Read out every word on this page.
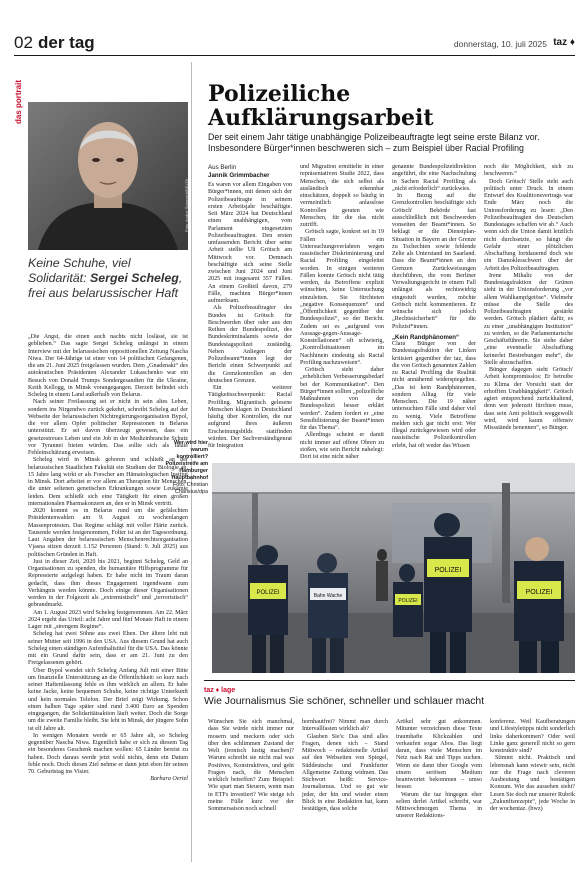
02 der tag	donnerstag, 10. juli 2025 taz ♦
das portrait
Foto: Andrei Stasevich/BELTA
Keine Schuhe, viel Solidarität: Sergei Scheleg, frei aus belarussischer Haft

„Die Angst, die einen auch nachts nicht loslässt, sie ist geblieben.“ Das sagte Sergei Scheleg unlängst in einem Interview mit der belarussischen oppositionellen Zeitung Nascha Niwa. Der 64-Jährige ist einer von 14 politischen Gefangenen, die am 21. Juni 2025 freigelassen wurden. Dem „Gnadenakt“ des autokratischen Präsidenten Alexander Lukaschenko war ein Besuch von Donald Trumps Sondergesandten für die Ukraine, Keith Kellogg, in Minsk vorangegangen. Derzeit befindet sich Scheleg in einem Land außerhalb von Belarus.

Nach seiner Freilassung sei er nicht in sein altes Leben, sondern ins Nirgendwo zurück gekehrt, schreibt Scheleg auf der Webseite der belarussischen Nichtregierungsorganisation Bypol, die vor allem Opfer politischer Repressionen in Belarus unterstützt. Er sei davon überzeugt gewesen, dass ein gesetzestreues Leben und ein Job in der Medizinbranche Schutz vor Tyrannei bieten würden. Das sollte sich als fatale Fehleinschätzung erweisen.

Scheleg wird in Minsk geboren und schließt an der belarussischen Staatlichen Fakultät ein Studium der Biologie ab. 15 Jahre lang wirkt er als Forscher am Hämatologischen Institut in Minsk. Dort arbeitet er vor allem an Therapien für Menschen, die unter seltenen genetischen Erkrankungen sowie Leukämie leiden. Dem schließt sich eine Tätigkeit für einen großen internationalen Pharmakonzern an, den er in Minsk vertritt.

2020 kommt es in Belarus rund um die gefälschten Präsidentenwahlen am 9. August zu wochenlangen Massenprotesten. Das Regime schlägt mit voller Härte zurück. Tausende werden festgenommen, Folter ist an der Tagesordnung. Laut Angaben der belarussischen Menschenrechtsorganisation Vjasna sitzen derzeit 1.152 Personen (Stand: 9. Juli 2025) aus politischen Gründen in Haft.

Just in dieser Zeit, 2020 bis 2021, beginnt Scheleg, Geld an Organisationen zu spenden, die humanitäre Hilfsprogramme für Repressierte aufgelegt haben. Er habe nicht im Traum daran gedacht, dass ihm dieses Engagement irgendwann zum Verhängnis werden könnte. Doch einige dieser Organisationen werden in der Folgezeit als „extremistisch“ und „terroristisch“ gebrandmarkt.

Am 1. August 2023 wird Scheleg festgenommen. Am 22. März 2024 ergeht das Urteil: acht Jahre und fünf Monate Haft in einem Lager mit „strengem Regime“.

Scheleg hat zwei Söhne aus zwei Ehen. Der ältere lebt mit seiner Mutter seit 1996 in den USA. Aus diesem Grund hat auch Scheleg einen ständigen Aufenthaltstitel für die USA. Das könnte mit ein Grund dafür sein, dass er am 21. Juni zu den Freigelassenen gehört.

Über Bypol wendet sich Scheleg Anfang Juli mit einer Bitte um finanzielle Unterstützung an die Öffentlichkeit: so kurz nach seiner Haftentlassung fehle es ihm wirklich an allem. Er habe keine Jacke, keine bequemen Schuhe, keine richtige Unterkunft und kein normales Telefon. Der Brief zeigt Wirkung. Schon einen halben Tage später sind rund 3.400 Euro an Spenden eingegangen, die Solidaritätsaktion läuft weiter. Doch die Sorge um die zweite Familie bleibt. Sie lebt in Minsk, der jüngere Sohn ist elf Jahre alt.

In wenigen Monaten werde er 65 Jahre alt, so Scheleg gegenüber Nascha Niwa. Eigentlich habe er sich zu diesem Tag ein besonderes Geschenk machen wollen: 65 Länder bereist zu haben. Doch daraus werde jetzt wohl nichts, denn ein Datum fehle noch. Doch diesen Ziel nehme er dann jetzt eben für seinen 70. Geburtstag ins Visier.

Barbara Oertel
Polizeiliche Aufklärungsarbeit
Der seit einem Jahr tätige unabhängige Polizeibeauftragte legt seine erste Bilanz vor. Insbesondere Bürger*innen beschweren sich – zum Beispiel über Racial Profiling
Aus Berlin
Jannik Grimmbacher

Es waren vor allem Eingaben von Bürger*innen, mit denen sich der Polizeibeauftragte in seinem ersten Arbeitsjahr beschäftigte. Seit März 2024 hat Deutschland einen unabhängigen, vom Parlament eingesetzten Polizeibeauftragten. Den ersten umfassenden Bericht über seine Arbeit stellte Uli Grötsch am Mittwoch vor. Demnach beschäftigte sich seine Stelle zwischen Juni 2024 und Juni 2025 mit insgesamt 357 Fällen. An einem Großteil davon, 279 Fälle, machten Bürger*innen aufmerksam.

Als Polizeibeauftragter des Bundes ist Grötsch für Beschwerden über oder aus den Reihen der Bundespolizei, des Bundeskriminalamts sowie der Bundestagspolizei zuständig. Neben Anliegen der Polizeibeamt*innen legt der Bericht einen Schwerpunkt auf die Grenzkontrollen an den deutschen Grenzen.

Ein weiterer Tätigkeitsschwerpunkt: Racial Profiling. Migrantisch gelesene Menschen klagen in Deutschland häufig über Kontrollen, die nur aufgrund ihres äußeren Erscheinungsbilds stattfinden würden. Der Sachverständigenrat für Integration

und Migration ermittelte in einer repräsentativen Studie 2022, dass Menschen, die sich selbst als ausländisch erkennbar einschätzen, doppelt so häufig in vermeintlich anlasslose Kontrollen geraten wie Menschen, für die das nicht zutrifft.

Grötsch sagte, konkret sei in 19 Fällen ein Untersuchungsverfahren wegen rassistischer Diskriminierung und Racial Profiling eingeleitet worden. In einigen weiteren Fällen konnte Grötsch nicht tätig werden, da Betroffene explizit wünschten, keine Untersuchung einzuleiten. Sie fürchteten „negative Konsequenzen“ und „Öffentlichkeit gegenüber der Bundespolizei“, so der Bericht. Zudem sei es „aufgrund von Aussage-gegen-Aussage-Konstellationen“ oft schwierig, „Kontrollsituationen im Nachhinein eindeutig als Racial Profiling nachzuweisen“.

Grötsch sieht daher „erheblichen Verbesserungsbedarf bei der Kommunikation“. Den Bürger*innen sollten „polizeiliche Maßnahmen von der Bundespolizei besser erklärt werden“. Zudem fordert er „eine Sensibilisierung der Beamt*innen für das Thema“.

Allerdings scheint er damit nicht immer auf offene Ohren zu stoßen, wie sein Bericht nahelegt: Dort ist eine nicht näher

genannte Bundespolizeidirektion angeführt, die eine Nachschulung in Sachen Racial Profiling als „nicht erforderlich“ zurückwies.

In Bezug auf die Grenzkontrollen beschäftigte sich Grötsch' Behörde fast ausschließlich mit Beschwerden vonseiten der Beamt*innen. So beklagt er die Dienstplan-Situation in Bayern an der Grenze zu Tschechien sowie fehlende Zelte als Unterstand im Saarland. Dass die Beamt*innen an den Grenzen Zurückweisungen durchführen, die vom Berliner Verwaltungsgericht in einem Fall unlängst als rechtswidrig eingestuft wurden, möchte Grötsch nicht kommentieren. Er wünsche sich jedoch „Rechtssicherheit“ für die Polizist*innen.

„Kein Randphänomen“

Clara Bünger von der Bundestagsfraktion der Linken kritisiert gegenüber der taz, dass die von Grötsch genannten Zahlen zu Racial Profiling die Realität nicht annähernd widerspiegelten. „Das ist kein Randphänomen, sondern Alltag für viele Menschen. Die 19 näher untersuchten Fälle sind daher viel zu wenig. Viele Betroffene melden sich gar nicht erst: Wer illegal zurückgewiesen wird oder rassistische Polizeikontrollen erlebt, hat oft weder das Wissen

noch die Möglichkeit, sich zu beschweren.“

Doch Grötsch' Stelle steht auch politisch unter Druck. In einem Entwurf des Koalitionsvertrags war Ende März noch die Unionsforderung zu lesen: „Den Polizeibeauftragten des Deutschen Bundestages schaffen wir ab.“ Auch wenn sich die Union damit letztlich nicht durchsetzte, so hängt die Gefahr einer plötzlichen Abschaffung fortdauernd doch wie ein Damoklesschwert über der Arbeit des Polizeibeauftragten.

Irene Mihalic von der Bundestagsfraktion der Grünen sieht in der Unionsforderung „vor allem Wahlkampfgetöse“. Vielmehr müsse die Stelle des Polizeibeauftragten gestärkt werden. Grötsch plädiert dafür, es zu einer „unabhängigen Institution“ zu werden, so die Parlamentarische Geschäftsführerin. Sie siehe daher „eine eventuelle Abschaffung keinerlei Bestrebungen mehr“, die Stelle abzuschaffen.

Bünger dagegen sieht Grötsch' Arbeit kompromisslos: Er betreibe zu Klima der Vorsicht statt der erhofften Unabhängigkeit“. Grötsch agiert entsprechend zurückhaltend, denn wer jederzeit fürchten muss, dass sein Amt politisch weggewollt wird, wird kaum offensiv Missstände benennen“, so Bünger.

Wer wird hier warum kontrolliert? Polizeistreife am Hamburger Hauptbahnhof
Foto: Christian Charisius/dpa
POLIZEI	Bahn Wache
POLIZEI
POLIZEI
POLIZEI
taz ♦ lage
Wie Journalismus Sie schöner, schneller und schlauer macht

Wünschen Sie sich manchmal, dass Sie würde nicht immer nur mosern und meckern oder sich über den schlimmen Zustand der Welt (ironisch lustig machen)? Warum schreibt sie nicht mal was Positives, Konstruktives, und geht Fragen nach, die Menschen wirklich betreffen? Zum Beispiel: Wie spart man Steuern, wenn man in ETFs investiert? Wie steige ich meine Fülle kurz vor der Sommersaison noch schnell

hornhautfrei? Nimmt man durch Intervallfasten wirklich ab?

Glauben Sie's: Das sind alles Fragen, denen sich – Stand Mittwoch – redaktionelle Artikel auf den Webseiten von Spiegel, Süddeutsche und Frankfurter Allgemeine Zeitung widmen. Das Stichwort heißt: Service-Journalismus. Und so gut wie jeder, der hin und wieder einen Blick in eine Redaktion hat, kann bestätigen, dass solche

Artikel sehr gut ankommen. Mitunter verzeichnen diese Texte traumhafte Klickzahlen und verkaufen sogar Abos. Das liegt daran, dass viele Menschen im Netz nach Rat und Tipps suchen. Wenn sie dann über Google vom einem seriösen Medium beantwortet bekommen – umso besser.

Warum die taz hingegen eher selten derlei Artikel schreibt, war Mittwochmorgen Thema in unserer Redaktions-

konferenz. Weil Kaufberatungen und Lifestyletipps nicht sonderlich links daherkommen? Oder weil Linke ganz generell nicht so gern konstruktiv sind?

Stimmt nicht. Praktisch und lebensnah kann wiewir sein, nicht nur die Frage nach cleveren Ausbeutung und bestätigen Konsum. Wie das aussehen sieht? Lesen Sie doch nur unserer Rubrik „Zukunftsrezepte“, jede Woche in der wochentaz. (bwz)
